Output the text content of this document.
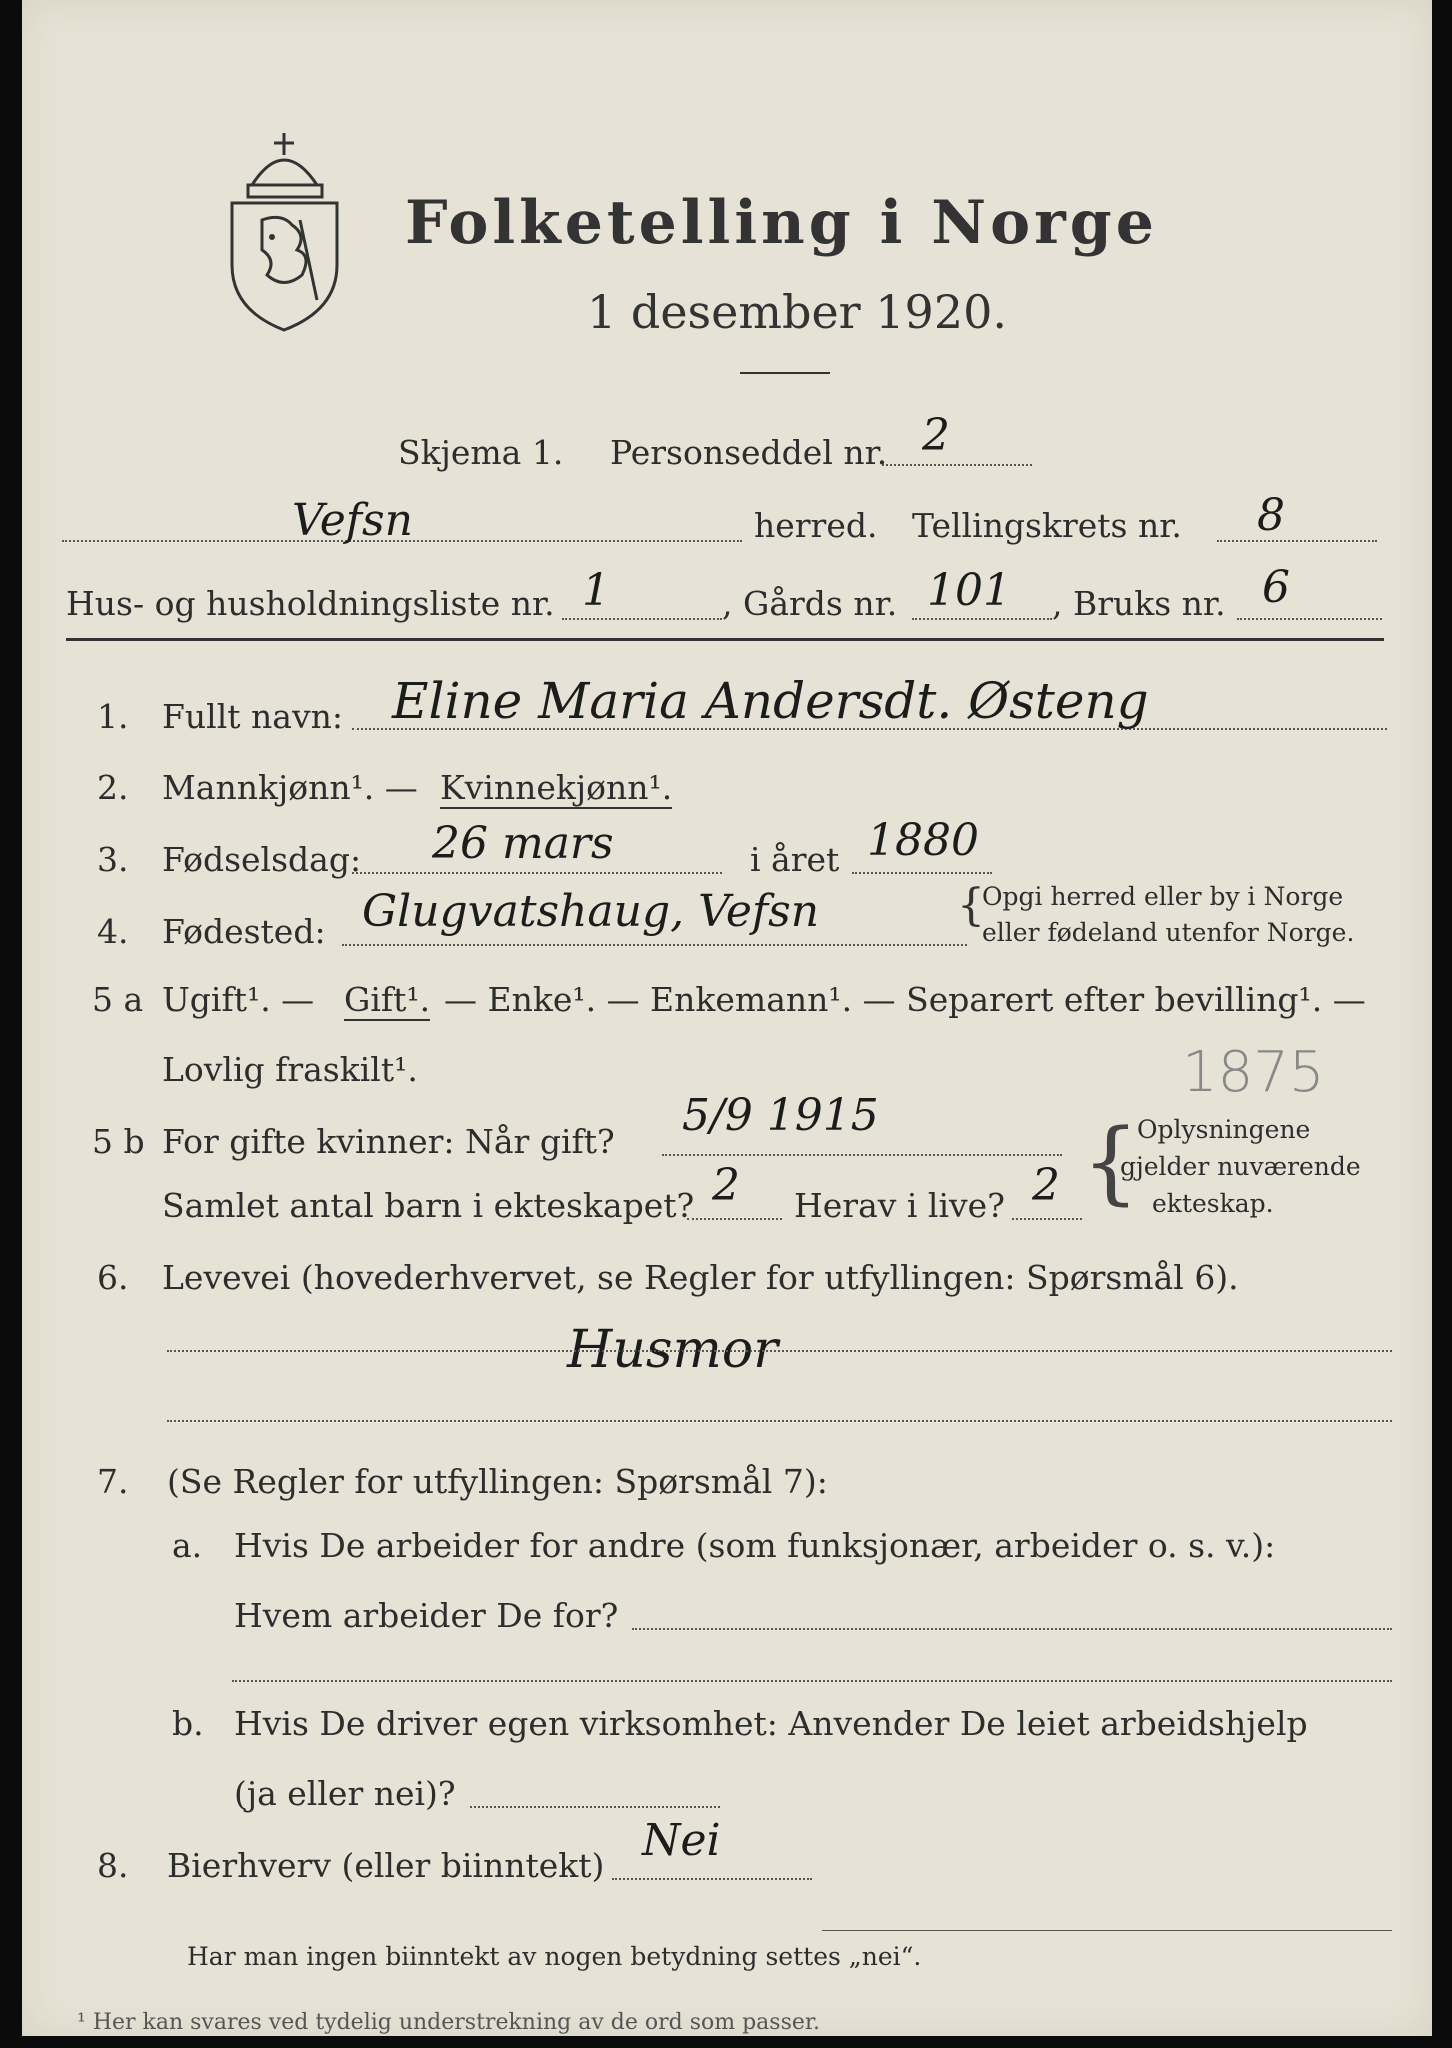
Folketelling i Norge
1 desember 1920.
Skjema 1. Personseddel nr. 2
Vefsn	herred. Tellingskrets nr. 8
Hus- og husholdningsliste nr. 1	, Gårds nr. 101 , Bruks nr. 6
1. Fullt navn: Eline Maria Andersdt. Østeng
2. Mannkjønn¹. — Kvinnekjønn¹.
3. Fødselsdag: 26 mars	i året 1880
4. Fødested: Glugvatshaug, Vefsn	{
Opgi herred eller by i Norge
eller fødeland utenfor Norge.
5 a Ugift¹. — Gift¹. — Enke¹. — Enkemann¹. — Separert efter bevilling¹. —
Lovlig fraskilt¹.	1875
5 b For gifte kvinner: Når gift?
5/9 1915
Samlet antal barn i ekteskapet? 2 Herav i live? 2 {
Oplysningene
gjelder nuværende
ekteskap.
6. Levevei (hovederhvervet, se Regler for utfyllingen: Spørsmål 6).
Husmor
7. (Se Regler for utfyllingen: Spørsmål 7):
a. Hvis De arbeider for andre (som funksjonær, arbeider o. s. v.):
Hvem arbeider De for?
b. Hvis De driver egen virksomhet: Anvender De leiet arbeidshjelp
(ja eller nei)?
8. Bierhverv (eller biinntekt) Nei
Har man ingen biinntekt av nogen betydning settes „nei“.
¹ Her kan svares ved tydelig understrekning av de ord som passer.
